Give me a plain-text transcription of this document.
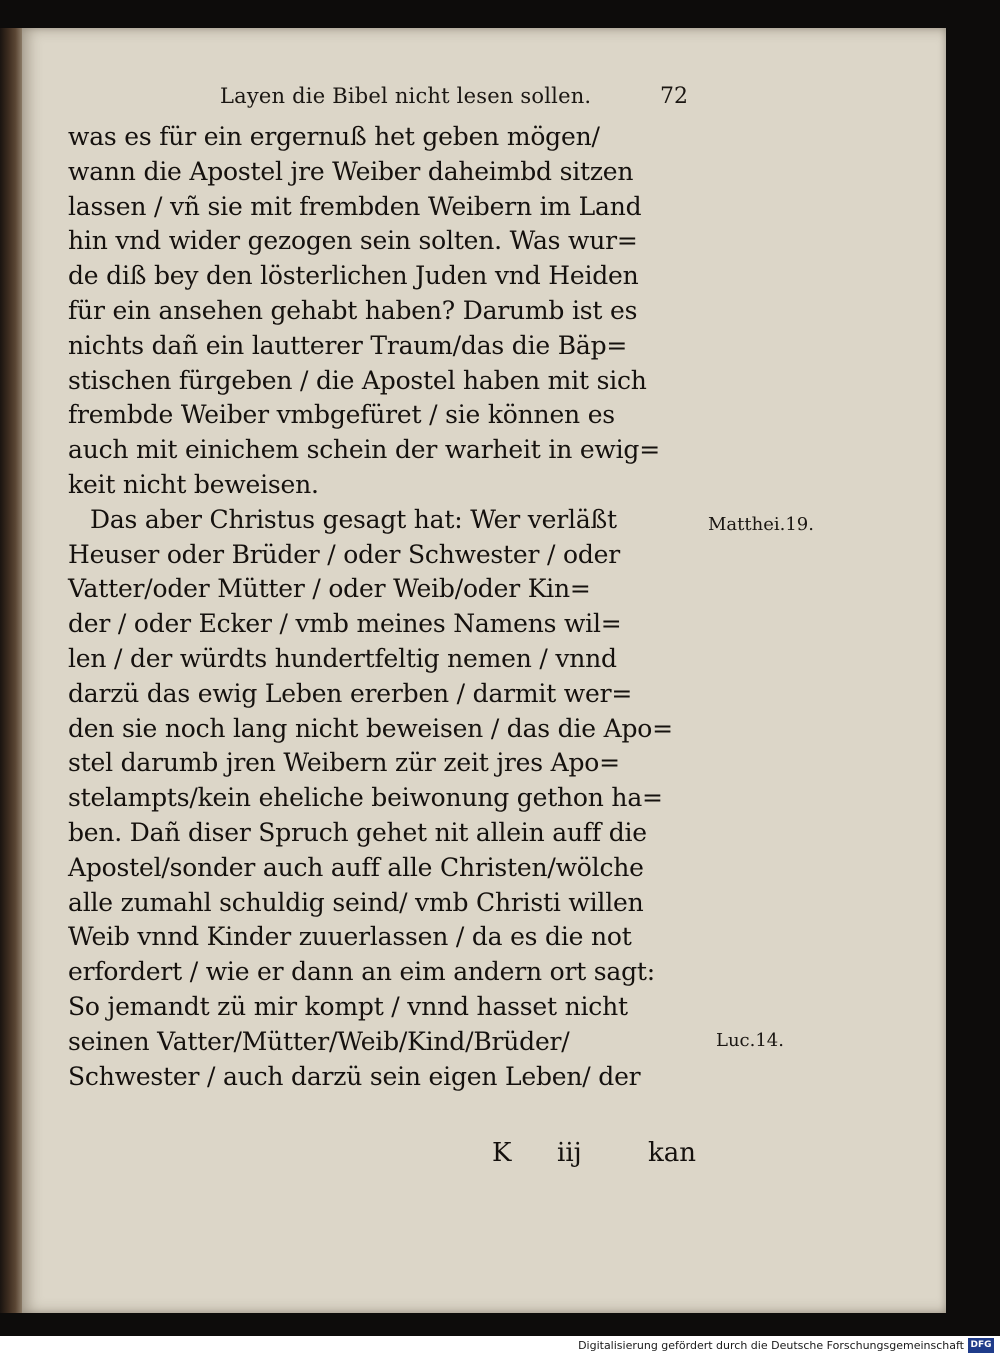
Layen die Bibel nicht lesen sollen.	72
was es für ein ergernuß het geben mögen/
wann die Apostel jre Weiber daheimbd sitzen
lassen / vñ sie mit frembden Weibern im Land
hin vnd wider gezogen sein solten. Was wur=
de diß bey den lösterlichen Juden vnd Heiden
für ein ansehen gehabt haben? Darumb ist es
nichts dañ ein lautterer Traum/das die Bäp=
stischen fürgeben / die Apostel haben mit sich
frembde Weiber vmbgefüret / sie können es
auch mit einichem schein der warheit in ewig=
keit nicht beweisen.
Das aber Christus gesagt hat: Wer verläßt
Heuser oder Brüder / oder Schwester / oder
Vatter/oder Mütter / oder Weib/oder Kin=
der / oder Ecker / vmb meines Namens wil=
len / der würdts hundertfeltig nemen / vnnd
darzü das ewig Leben ererben / darmit wer=
den sie noch lang nicht beweisen / das die Apo=
stel darumb jren Weibern zür zeit jres Apo=
stelampts/kein eheliche beiwonung gethon ha=
ben. Dañ diser Spruch gehet nit allein auff die
Apostel/sonder auch auff alle Christen/wölche
alle zumahl schuldig seind/ vmb Christi willen
Weib vnnd Kinder zuuerlassen / da es die not
erfordert / wie er dann an eim andern ort sagt:
So jemandt zü mir kompt / vnnd hasset nicht
seinen Vatter/Mütter/Weib/Kind/Brüder/
Schwester / auch darzü sein eigen Leben/ der
Matthei.19.
Luc.14.
K iij	kan
Digitalisierung gefördert durch die Deutsche Forschungsgemeinschaft DFG
